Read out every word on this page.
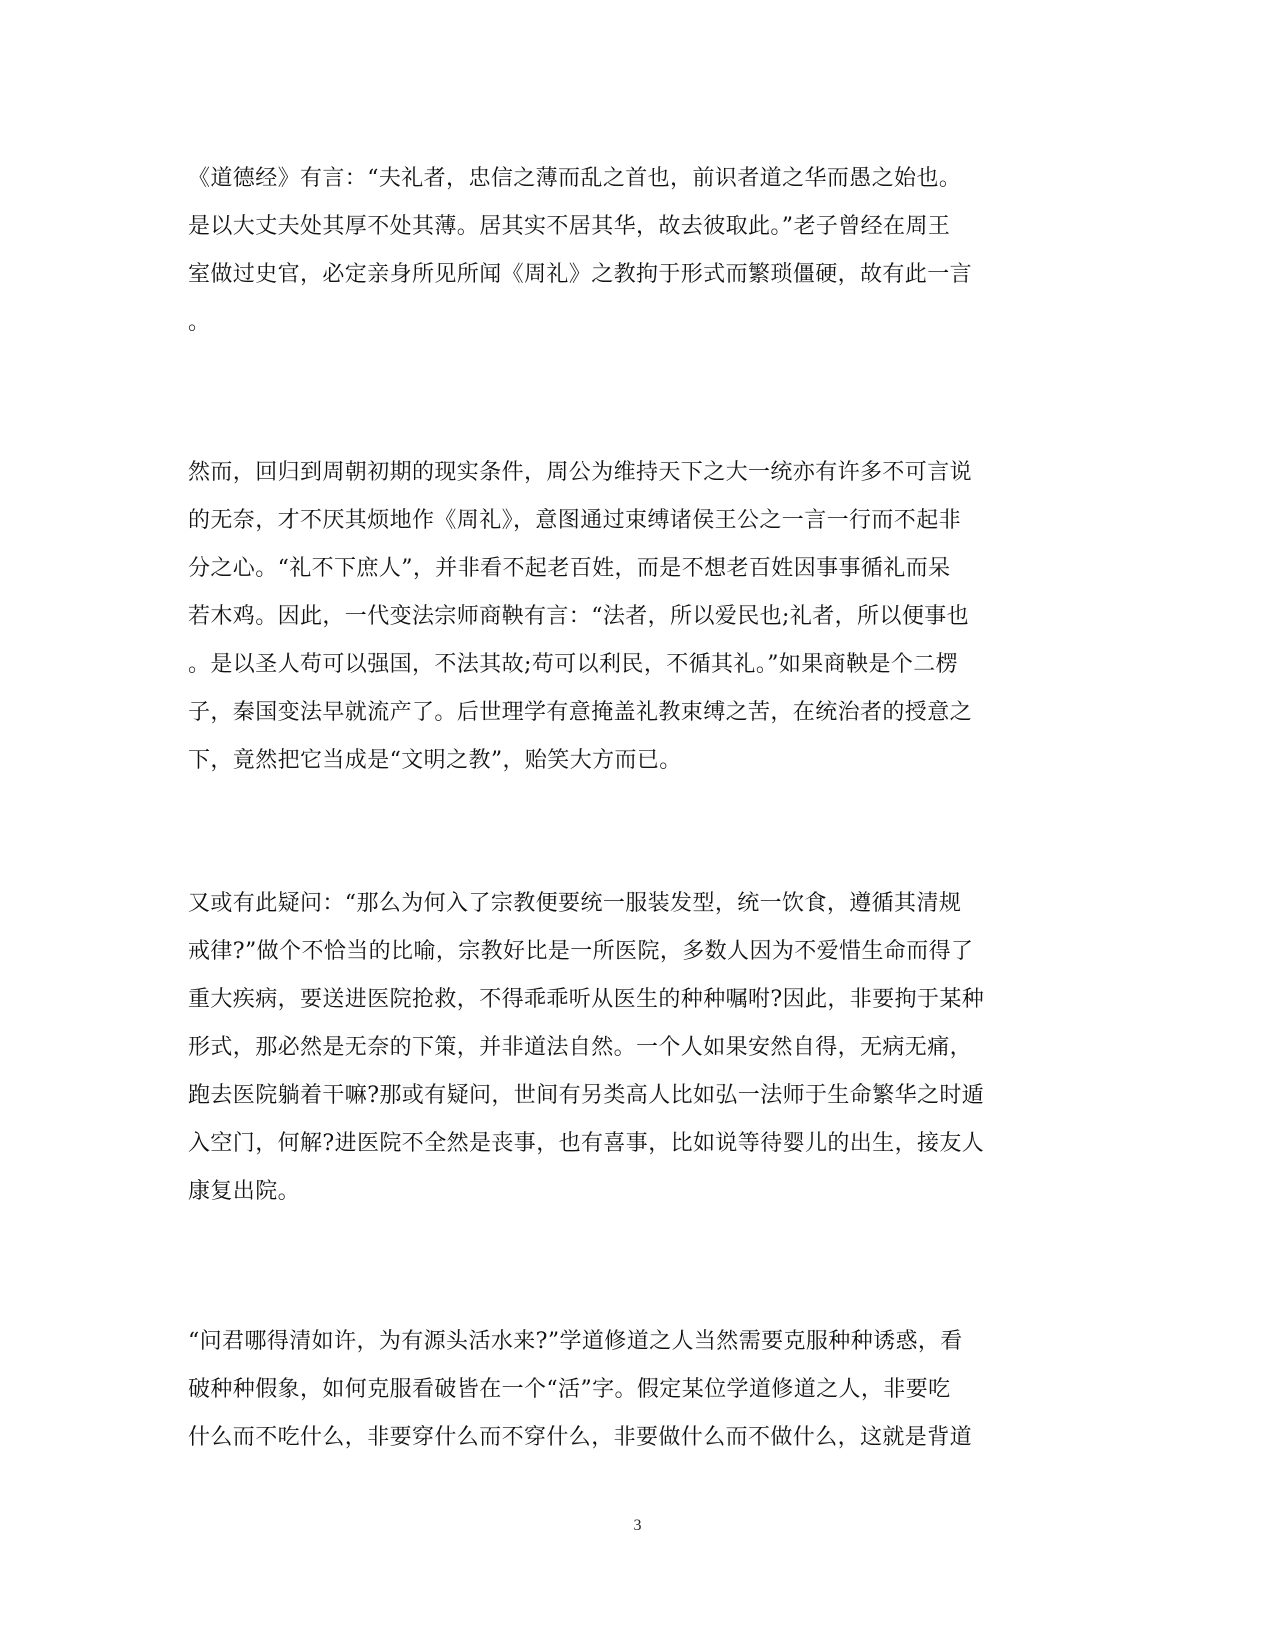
《道德经》有言：“夫礼者，忠信之薄而乱之首也，前识者道之华而愚之始也。
是以大丈夫处其厚不处其薄。居其实不居其华，故去彼取此。”老子曾经在周王
室做过史官，必定亲身所见所闻《周礼》之教拘于形式而繁琐僵硬，故有此一言
。

然而，回归到周朝初期的现实条件，周公为维持天下之大一统亦有许多不可言说
的无奈，才不厌其烦地作《周礼》，意图通过束缚诸侯王公之一言一行而不起非
分之心。“礼不下庶人”，并非看不起老百姓，而是不想老百姓因事事循礼而呆
若木鸡。因此，一代变法宗师商鞅有言：“法者，所以爱民也;礼者，所以便事也
。是以圣人苟可以强国，不法其故;苟可以利民，不循其礼。”如果商鞅是个二楞
子，秦国变法早就流产了。后世理学有意掩盖礼教束缚之苦，在统治者的授意之
下，竟然把它当成是“文明之教”，贻笑大方而已。

又或有此疑问：“那么为何入了宗教便要统一服装发型，统一饮食，遵循其清规
戒律?”做个不恰当的比喻，宗教好比是一所医院，多数人因为不爱惜生命而得了
重大疾病，要送进医院抢救，不得乖乖听从医生的种种嘱咐?因此，非要拘于某种
形式，那必然是无奈的下策，并非道法自然。一个人如果安然自得，无病无痛，
跑去医院躺着干嘛?那或有疑问，世间有另类高人比如弘一法师于生命繁华之时遁
入空门，何解?进医院不全然是丧事，也有喜事，比如说等待婴儿的出生，接友人
康复出院。

“问君哪得清如许，为有源头活水来?”学道修道之人当然需要克服种种诱惑，看
破种种假象，如何克服看破皆在一个“活”字。假定某位学道修道之人，非要吃
什么而不吃什么，非要穿什么而不穿什么，非要做什么而不做什么，这就是背道

3
